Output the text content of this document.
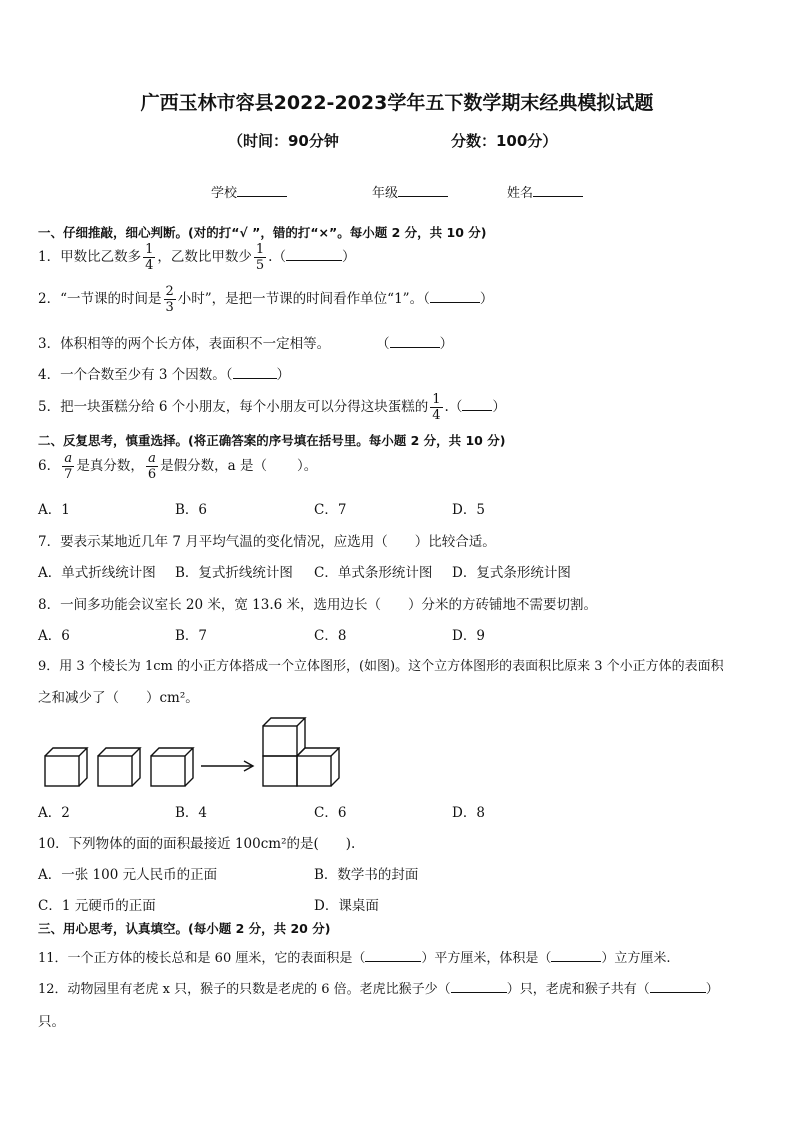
广西玉林市容县2022-2023学年五下数学期末经典模拟试题
（时间：90分钟	分数：100分）
学校	年级	姓名
一、仔细推敲，细心判断。(对的打“√ ”，错的打“×”。每小题 2 分，共 10 分)
1．甲数比乙数多 $\frac{1}{4}$ ，乙数比甲数少 $\frac{1}{5}$ .（	）
2．“一节课的时间是 $\frac{2}{3}$ 小时”，是把一节课的时间看作单位“1”。（	）
3．体积相等的两个长方体，表面积不一定相等。	（	）
4．一个合数至少有 3 个因数。（	）
5．把一块蛋糕分给 6 个小朋友，每个小朋友可以分得这块蛋糕的 $\frac{1}{4}$ .（ ）
二、反复思考，慎重选择。(将正确答案的序号填在括号里。每小题 2 分，共 10 分)
6． $\frac{a}{7}$ 是真分数， $\frac{a}{6}$ 是假分数，a 是（ ）。
A．1	B．6	C．7	D．5
7．要表示某地近几年 7 月平均气温的变化情况，应选用（　　）比较合适。
A．单式折线统计图 B．复式折线统计图 C．单式条形统计图 D．复式条形统计图
8．一间多功能会议室长 20 米，宽 13.6 米，选用边长（　　）分米的方砖铺地不需要切割。
A．6	B．7	C．8	D．9
9．用 3 个棱长为 1cm 的小正方体搭成一个立体图形，(如图)。这个立方体图形的表面积比原来 3 个小正方体的表面积
之和减少了（　　）cm²。
A．2	B．4	C．6	D．8
10．下列物体的面的面积最接近 100cm²的是(　　).
A．一张 100 元人民币的正面	B．数学书的封面
C．1 元硬币的正面	D．课桌面
三、用心思考，认真填空。(每小题 2 分，共 20 分)
11．一个正方体的棱长总和是 60 厘米，它的表面积是（	）平方厘米，体积是（	）立方厘米.
12．动物园里有老虎 x 只，猴子的只数是老虎的 6 倍。老虎比猴子少（	）只，老虎和猴子共有（	）
只。
